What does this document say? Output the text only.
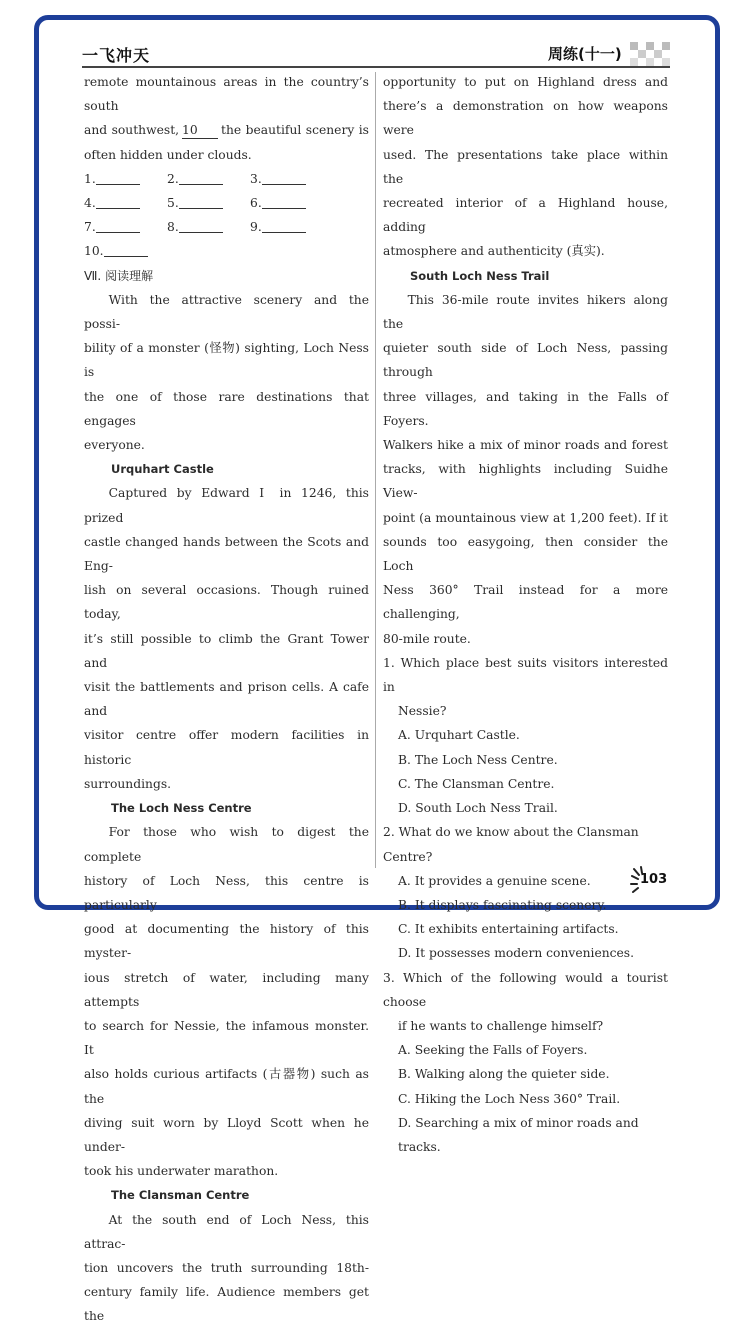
一飞冲天	周练(十一)
remote mountainous areas in the country’s south
and southwest, 10 the beautiful scenery is
often hidden under clouds.
1.	2.	3.
4.	5.	6.
7.	8.	9.
10.
Ⅶ. 阅读理解
With the attractive scenery and the possi-
bility of a monster (怪物) sighting, Loch Ness is
the one of those rare destinations that engages
everyone.
Urquhart Castle
Captured by Edward Ⅰ in 1246, this prized
castle changed hands between the Scots and Eng-
lish on several occasions. Though ruined today,
it’s still possible to climb the Grant Tower and
visit the battlements and prison cells. A cafe and
visitor centre offer modern facilities in historic
surroundings.
The Loch Ness Centre
For those who wish to digest the complete
history of Loch Ness, this centre is particularly
good at documenting the history of this myster-
ious stretch of water, including many attempts
to search for Nessie, the infamous monster. It
also holds curious artifacts (古器物) such as the
diving suit worn by Lloyd Scott when he under-
took his underwater marathon.
The Clansman Centre
At the south end of Loch Ness, this attrac-
tion uncovers the truth surrounding 18th-
century family life. Audience members get the
opportunity to put on Highland dress and
there’s a demonstration on how weapons were
used. The presentations take place within the
recreated interior of a Highland house, adding
atmosphere and authenticity (真实).
South Loch Ness Trail
This 36-mile route invites hikers along the
quieter south side of Loch Ness, passing through
three villages, and taking in the Falls of Foyers.
Walkers hike a mix of minor roads and forest
tracks, with highlights including Suidhe View-
point (a mountainous view at 1,200 feet). If it
sounds too easygoing, then consider the Loch
Ness 360° Trail instead for a more challenging,
80-mile route.
1. Which place best suits visitors interested in
Nessie?
A. Urquhart Castle.
B. The Loch Ness Centre.
C. The Clansman Centre.
D. South Loch Ness Trail.
2. What do we know about the Clansman Centre?
A. It provides a genuine scene.
B. It displays fascinating scenery.
C. It exhibits entertaining artifacts.
D. It possesses modern conveniences.
3. Which of the following would a tourist choose
if he wants to challenge himself?
A. Seeking the Falls of Foyers.
B. Walking along the quieter side.
C. Hiking the Loch Ness 360° Trail.
D. Searching a mix of minor roads and tracks.
103
